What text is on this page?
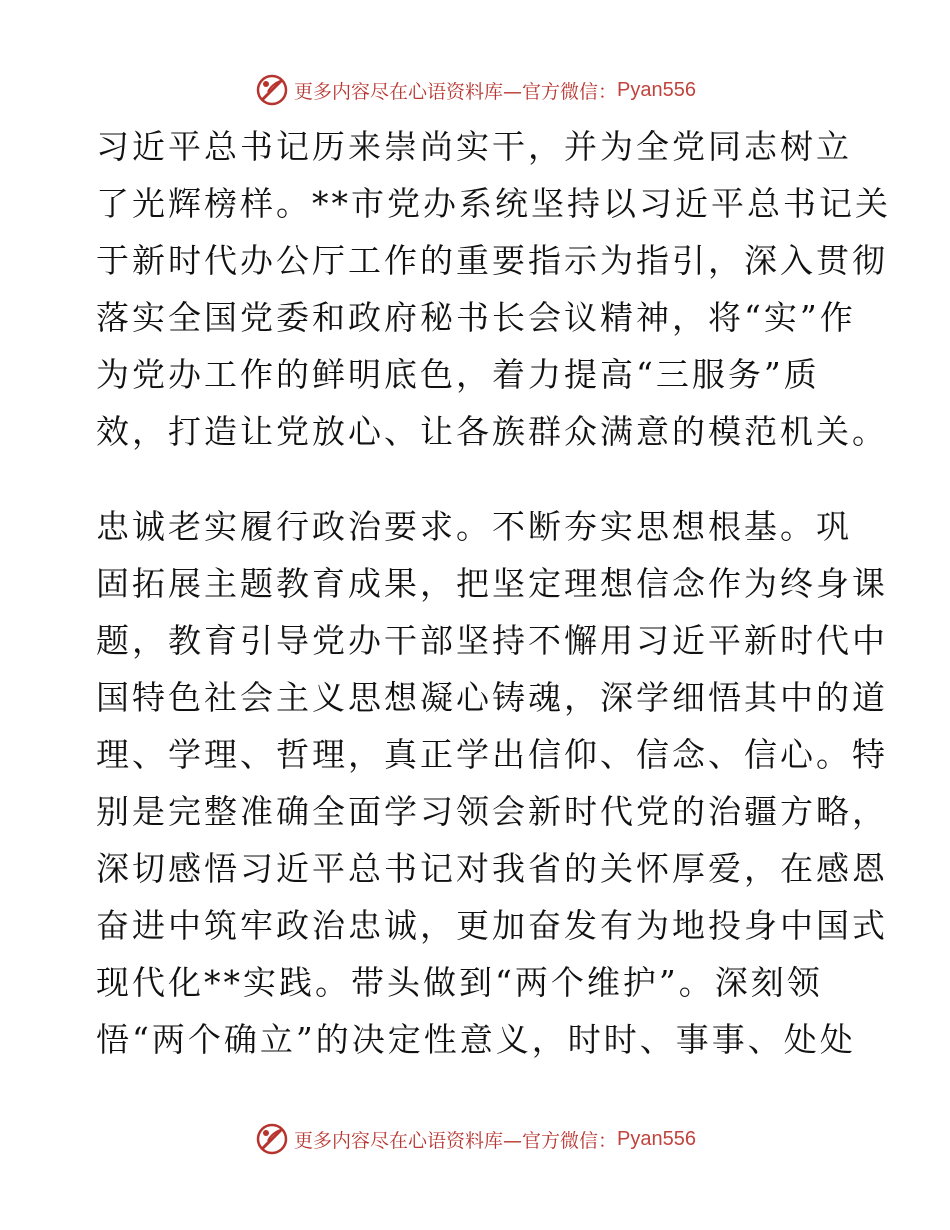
更多内容尽在心语资料库—官方微信： Pyan556
习近平总书记历来崇尚实干，并为全党同志树立
了光辉榜样。**市党办系统坚持以习近平总书记关
于新时代办公厅工作的重要指示为指引，深入贯彻
落实全国党委和政府秘书长会议精神，将“实”作
为党办工作的鲜明底色，着力提高“三服务”质
效，打造让党放心、让各族群众满意的模范机关。
忠诚老实履行政治要求。不断夯实思想根基。巩
固拓展主题教育成果，把坚定理想信念作为终身课
题，教育引导党办干部坚持不懈用习近平新时代中
国特色社会主义思想凝心铸魂，深学细悟其中的道
理、学理、哲理，真正学出信仰、信念、信心。特
别是完整准确全面学习领会新时代党的治疆方略，
深切感悟习近平总书记对我省的关怀厚爱，在感恩
奋进中筑牢政治忠诚，更加奋发有为地投身中国式
现代化**实践。带头做到“两个维护”。深刻领
悟“两个确立”的决定性意义，时时、事事、处处
更多内容尽在心语资料库—官方微信： Pyan556
